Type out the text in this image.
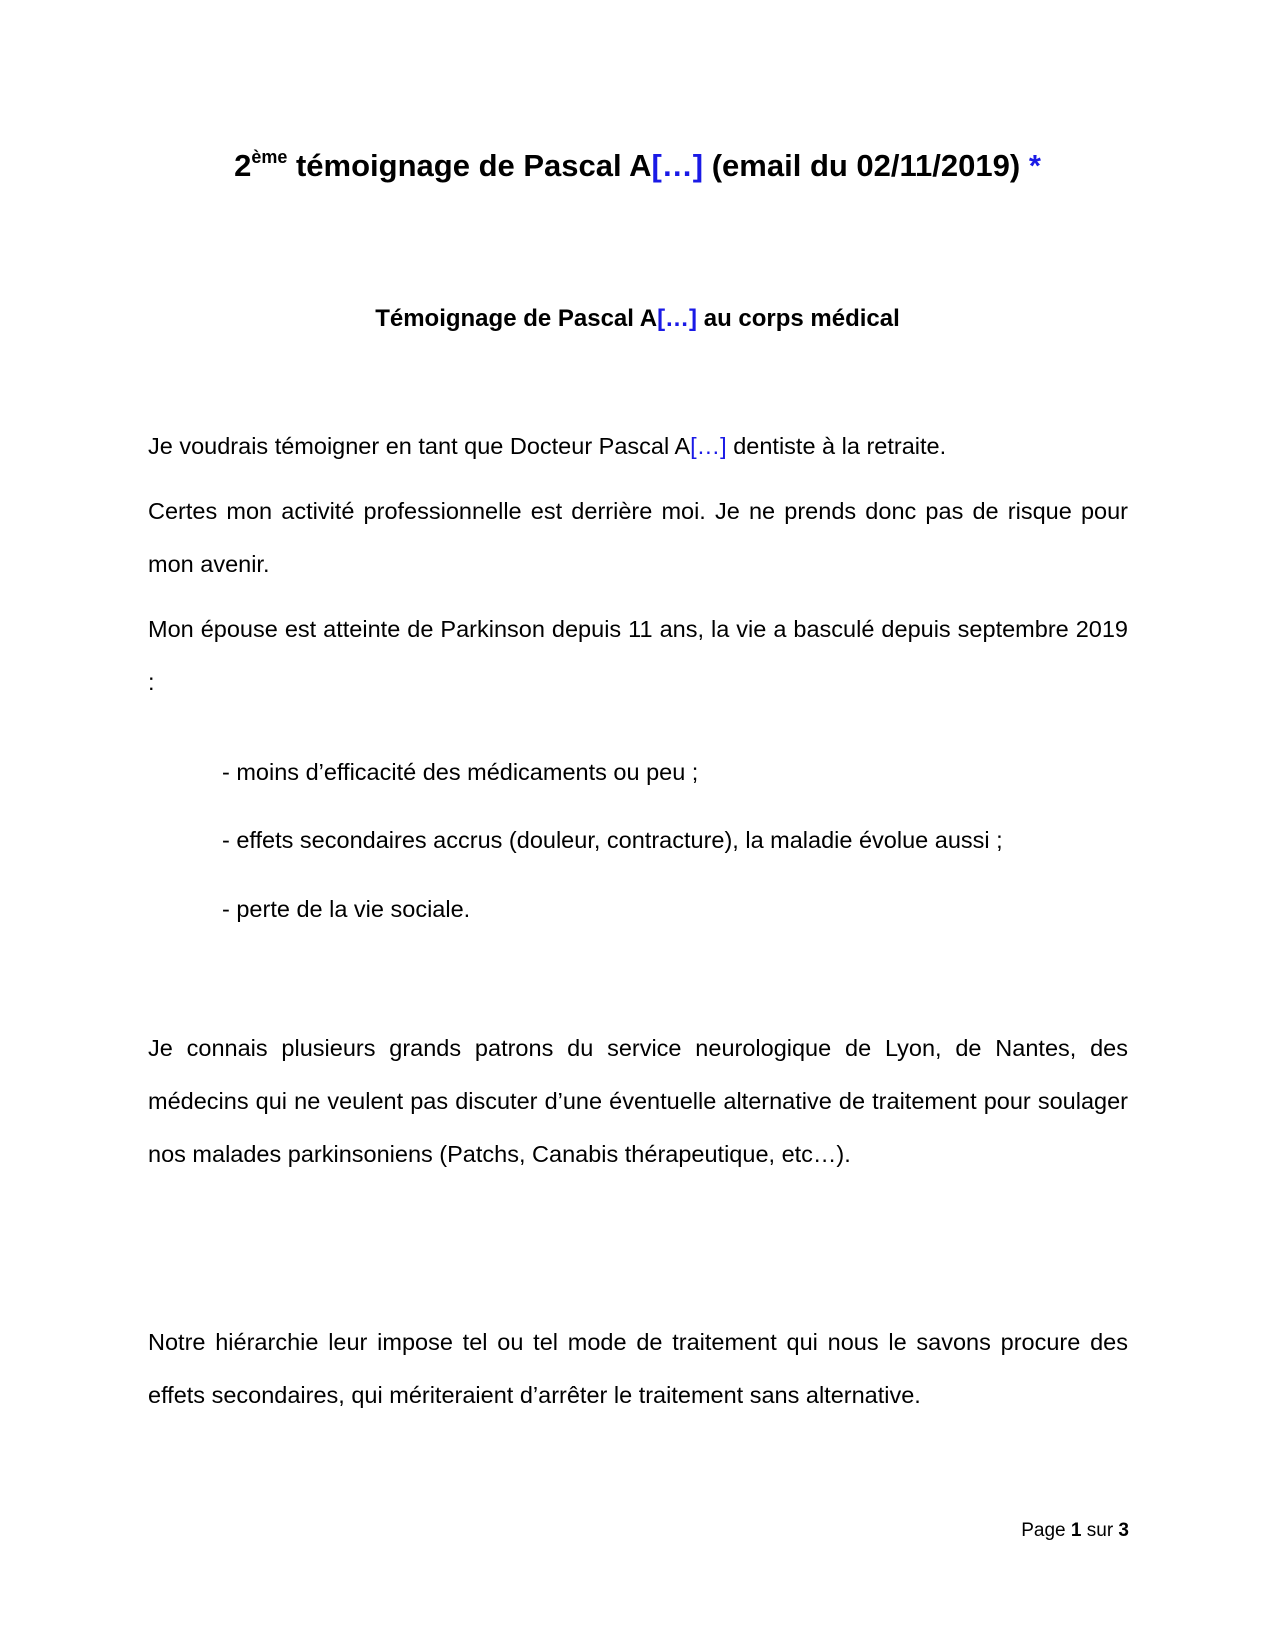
2ème témoignage de Pascal A[…] (email du 02/11/2019) *
Témoignage de Pascal A[…] au corps médical

Je voudrais témoigner en tant que Docteur Pascal A[…] dentiste à la retraite.

Certes mon activité professionnelle est derrière moi. Je ne prends donc pas de risque pour mon avenir.

Mon épouse est atteinte de Parkinson depuis 11 ans, la vie a basculé depuis septembre 2019 :

- moins d’efficacité des médicaments ou peu ;

- effets secondaires accrus (douleur, contracture), la maladie évolue aussi ;

- perte de la vie sociale.

Je connais plusieurs grands patrons du service neurologique de Lyon, de Nantes, des médecins qui ne veulent pas discuter d’une éventuelle alternative de traitement pour soulager nos malades parkinsoniens (Patchs, Canabis thérapeutique, etc…).

Notre hiérarchie leur impose tel ou tel mode de traitement qui nous le savons procure des effets secondaires, qui mériteraient d’arrêter le traitement sans alternative.

Page 1 sur 3
